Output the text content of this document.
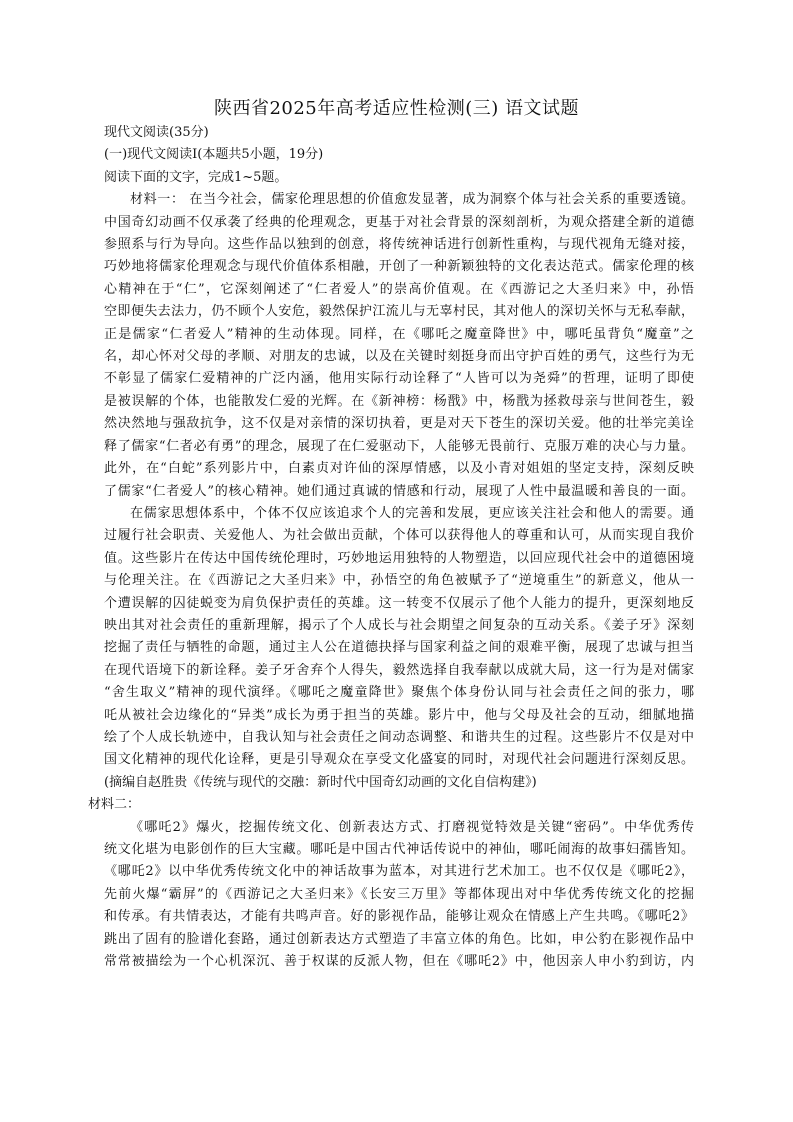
陕西省2025年高考适应性检测(三) 语文试题
现代文阅读(35分)
(一)现代文阅读Ⅰ(本题共5小题，19分)
阅读下面的文字，完成1~5题。
材料一： 在当今社会，儒家伦理思想的价值愈发显著，成为洞察个体与社会关系的重要透镜。
中国奇幻动画不仅承袭了经典的伦理观念，更基于对社会背景的深刻剖析，为观众搭建全新的道德
参照系与行为导向。这些作品以独到的创意，将传统神话进行创新性重构，与现代视角无缝对接，
巧妙地将儒家伦理观念与现代价值体系相融，开创了一种新颖独特的文化表达范式。儒家伦理的核
心精神在于“仁”，它深刻阐述了“仁者爱人”的崇高价值观。在《西游记之大圣归来》中，孙悟
空即便失去法力，仍不顾个人安危，毅然保护江流儿与无辜村民，其对他人的深切关怀与无私奉献，
正是儒家“仁者爱人”精神的生动体现。同样，在《哪吒之魔童降世》中，哪吒虽背负“魔童”之
名，却心怀对父母的孝顺、对朋友的忠诚，以及在关键时刻挺身而出守护百姓的勇气，这些行为无
不彰显了儒家仁爱精神的广泛内涵，他用实际行动诠释了“人皆可以为尧舜”的哲理，证明了即使
是被误解的个体，也能散发仁爱的光辉。在《新神榜：杨戬》中，杨戬为拯救母亲与世间苍生，毅
然决然地与强敌抗争，这不仅是对亲情的深切执着，更是对天下苍生的深切关爱。他的壮举完美诠
释了儒家“仁者必有勇”的理念，展现了在仁爱驱动下，人能够无畏前行、克服万难的决心与力量。
此外，在“白蛇”系列影片中，白素贞对许仙的深厚情感，以及小青对姐姐的坚定支持，深刻反映
了儒家“仁者爱人”的核心精神。她们通过真诚的情感和行动，展现了人性中最温暖和善良的一面。
在儒家思想体系中，个体不仅应该追求个人的完善和发展，更应该关注社会和他人的需要。通
过履行社会职责、关爱他人、为社会做出贡献，个体可以获得他人的尊重和认可，从而实现自我价
值。这些影片在传达中国传统伦理时，巧妙地运用独特的人物塑造，以回应现代社会中的道德困境
与伦理关注。在《西游记之大圣归来》中，孙悟空的角色被赋予了“逆境重生”的新意义，他从一
个遭误解的囚徒蜕变为肩负保护责任的英雄。这一转变不仅展示了他个人能力的提升，更深刻地反
映出其对社会责任的重新理解，揭示了个人成长与社会期望之间复杂的互动关系。《姜子牙》深刻
挖掘了责任与牺牲的命题，通过主人公在道德抉择与国家利益之间的艰难平衡，展现了忠诚与担当
在现代语境下的新诠释。姜子牙舍弃个人得失，毅然选择自我奉献以成就大局，这一行为是对儒家
“舍生取义”精神的现代演绎。《哪吒之魔童降世》聚焦个体身份认同与社会责任之间的张力，哪
吒从被社会边缘化的“异类”成长为勇于担当的英雄。影片中，他与父母及社会的互动，细腻地描
绘了个人成长轨迹中，自我认知与社会责任之间动态调整、和谐共生的过程。这些影片不仅是对中
国文化精神的现代化诠释，更是引导观众在享受文化盛宴的同时，对现代社会问题进行深刻反思。
(摘编自赵胜贵《传统与现代的交融：新时代中国奇幻动画的文化自信构建》)
材料二：
《哪吒2》爆火，挖掘传统文化、创新表达方式、打磨视觉特效是关键“密码”。中华优秀传
统文化堪为电影创作的巨大宝藏。哪吒是中国古代神话传说中的神仙，哪吒闹海的故事妇孺皆知。
《哪吒2》以中华优秀传统文化中的神话故事为蓝本，对其进行艺术加工。也不仅仅是《哪吒2》，
先前火爆“霸屏”的《西游记之大圣归来》《长安三万里》等都体现出对中华优秀传统文化的挖掘
和传承。有共情表达，才能有共鸣声音。好的影视作品，能够让观众在情感上产生共鸣。《哪吒2》
跳出了固有的脸谱化套路，通过创新表达方式塑造了丰富立体的角色。比如，申公豹在影视作品中
常常被描绘为一个心机深沉、善于权谋的反派人物，但在《哪吒2》中，他因亲人申小豹到访，内
